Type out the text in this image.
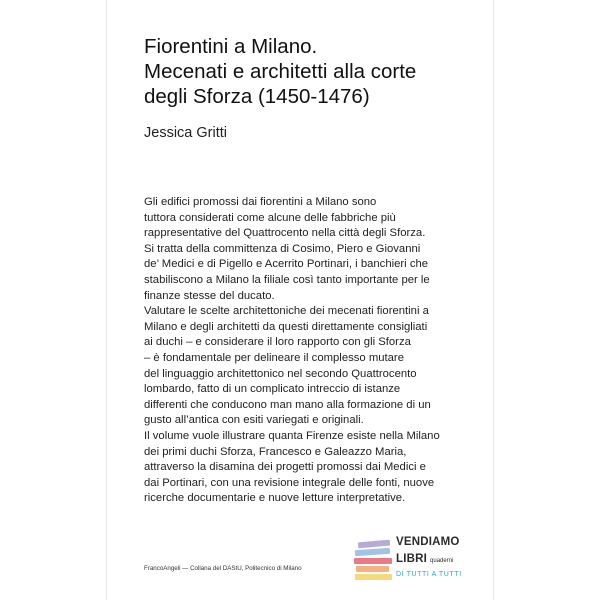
Fiorentini a Milano.
Mecenati e architetti alla corte
degli Sforza (1450-1476)
Jessica Gritti
Gli edifici promossi dai fiorentini a Milano sono
tuttora considerati come alcune delle fabbriche più
rappresentative del Quattrocento nella città degli Sforza.
Si tratta della committenza di Cosimo, Piero e Giovanni
de’ Medici e di Pigello e Acerrito Portinari, i banchieri che
stabiliscono a Milano la filiale così tanto importante per le
finanze stesse del ducato.
Valutare le scelte architettoniche dei mecenati fiorentini a
Milano e degli architetti da questi direttamente consigliati
ai duchi – e considerare il loro rapporto con gli Sforza
– è fondamentale per delineare il complesso mutare
del linguaggio architettonico nel secondo Quattrocento
lombardo, fatto di un complicato intreccio di istanze
differenti che conducono man mano alla formazione di un
gusto all’antica con esiti variegati e originali.
Il volume vuole illustrare quanta Firenze esiste nella Milano
dei primi duchi Sforza, Francesco e Galeazzo Maria,
attraverso la disamina dei progetti promossi dai Medici e
dai Portinari, con una revisione integrale delle fonti, nuove
ricerche documentarie e nuove letture interpretative.
FrancoAngeli — Collana del DAStU, Politecnico di Milano
VENDIAMO
LIBRI quaderni
DI TUTTI A TUTTI
